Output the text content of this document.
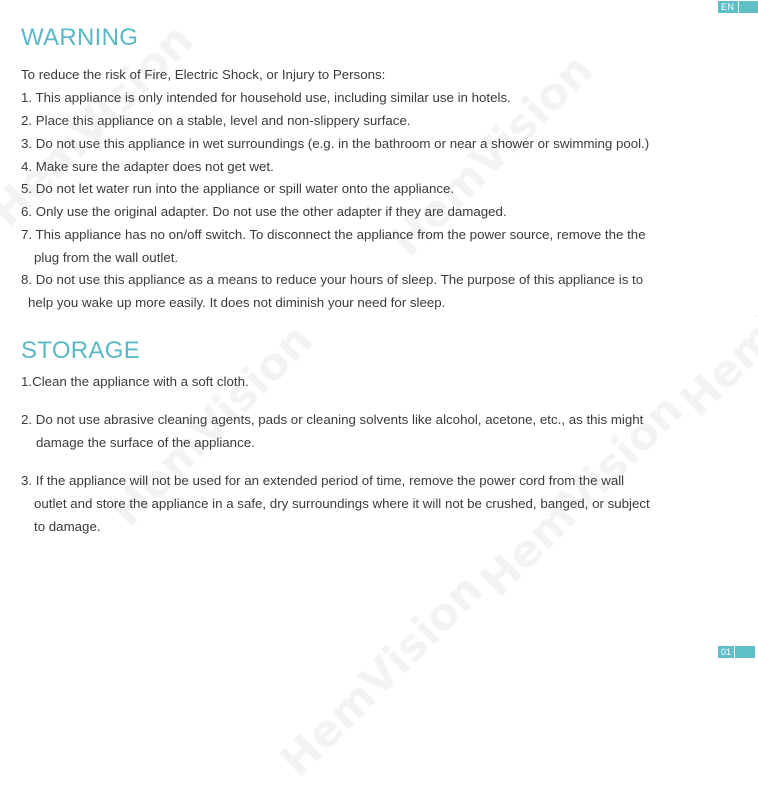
EN
WARNING
To reduce the risk of Fire, Electric Shock, or Injury to Persons:
1. This appliance is only intended for household use, including similar use in hotels.
2. Place this appliance on a stable, level and non-slippery surface.
3. Do not use this appliance in wet surroundings (e.g. in the bathroom or near a shower or swimming pool.)
4. Make sure the adapter does not get wet.
5. Do not let water run into the appliance or spill water onto the appliance.
6. Only use the original adapter. Do not use the other adapter if they are damaged.
7. This appliance has no on/off switch. To disconnect the appliance from the power source, remove the the
plug from the wall outlet.
8. Do not use this appliance as a means to reduce your hours of sleep. The purpose of this appliance is to
help you wake up more easily. It does not diminish your need for sleep.
STORAGE
1.Clean the appliance with a soft cloth.
2. Do not use abrasive cleaning agents, pads or cleaning solvents like alcohol, acetone, etc., as this might
damage the surface of the appliance.
3. If the appliance will not be used for an extended period of time, remove the power cord from the wall
outlet and store the appliance in a safe, dry surroundings where it will not be crushed, banged, or subject
to damage.
01
